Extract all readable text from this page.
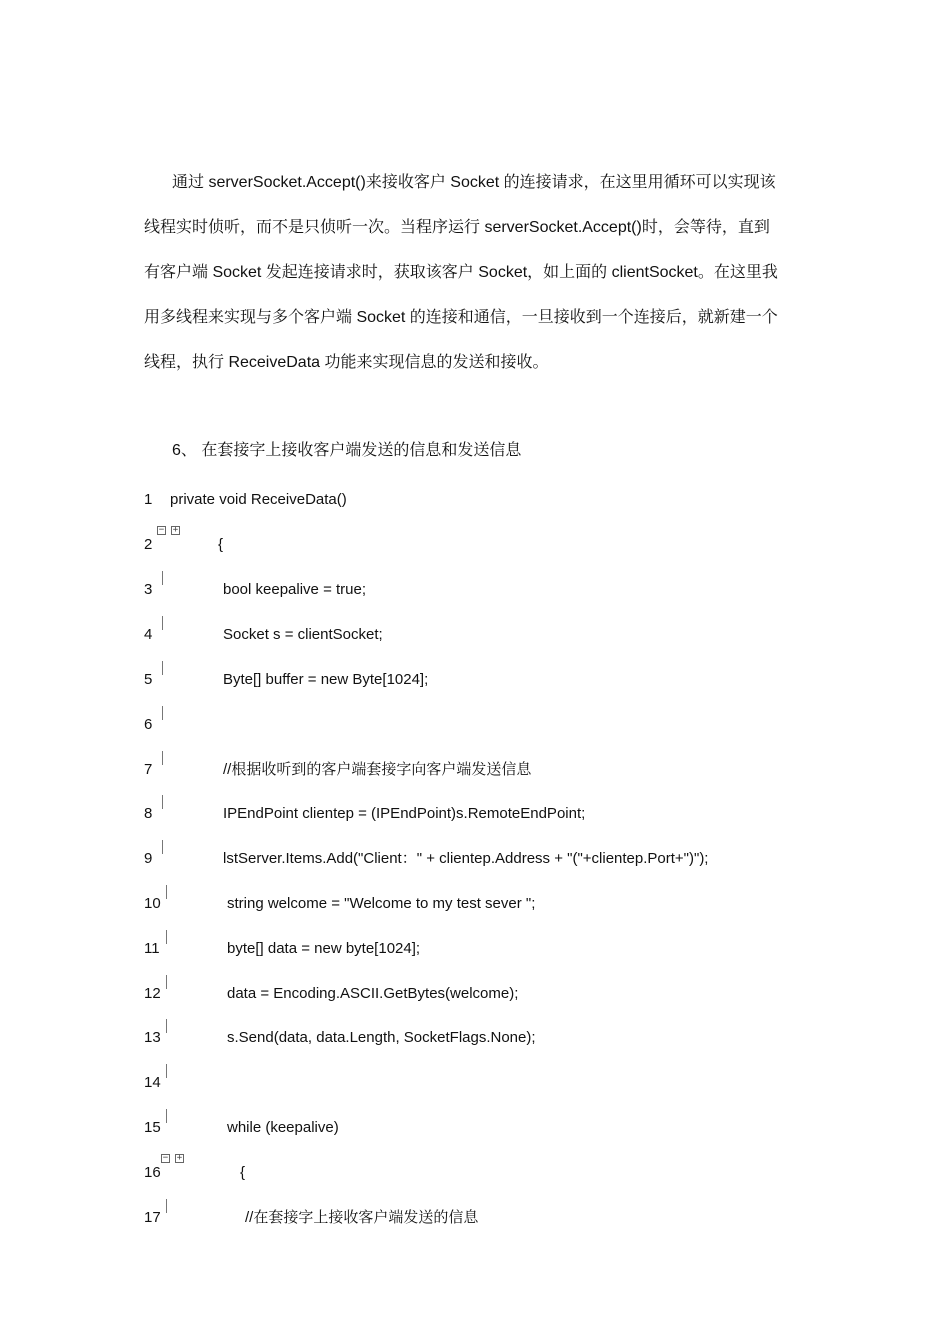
通过 serverSocket.Accept()来接收客户 Socket 的连接请求，在这里用循环可以实现该
线程实时侦听，而不是只侦听一次。当程序运行 serverSocket.Accept()时，会等待，直到
有客户端 Socket 发起连接请求时，获取该客户 Socket，如上面的 clientSocket。在这里我
用多线程来实现与多个客户端 Socket 的连接和通信，一旦接收到一个连接后，就新建一个
线程，执行 ReceiveData 功能来实现信息的发送和接收。
6、 在套接字上接收客户端发送的信息和发送信息

1

private void ReceiveData()

2

−

+

{

3

	bool keepalive = true;

4

	Socket s = clientSocket;

5

	Byte[] buffer = new Byte[1024];

6

7

	//根据收听到的客户端套接字向客户端发送信息

8

	IPEndPoint clientep = (IPEndPoint)s.RemoteEndPoint;

9

	lstServer.Items.Add("Client：" + clientep.Address + "("+clientep.Port+")");

10

	string welcome = "Welcome to my test sever ";

11

	byte[] data = new byte[1024];

12

	data = Encoding.ASCII.GetBytes(welcome);

13

	s.Send(data, data.Length, SocketFlags.None);

14

15

	while (keepalive)

16

−

+

{

17

	//在套接字上接收客户端发送的信息
